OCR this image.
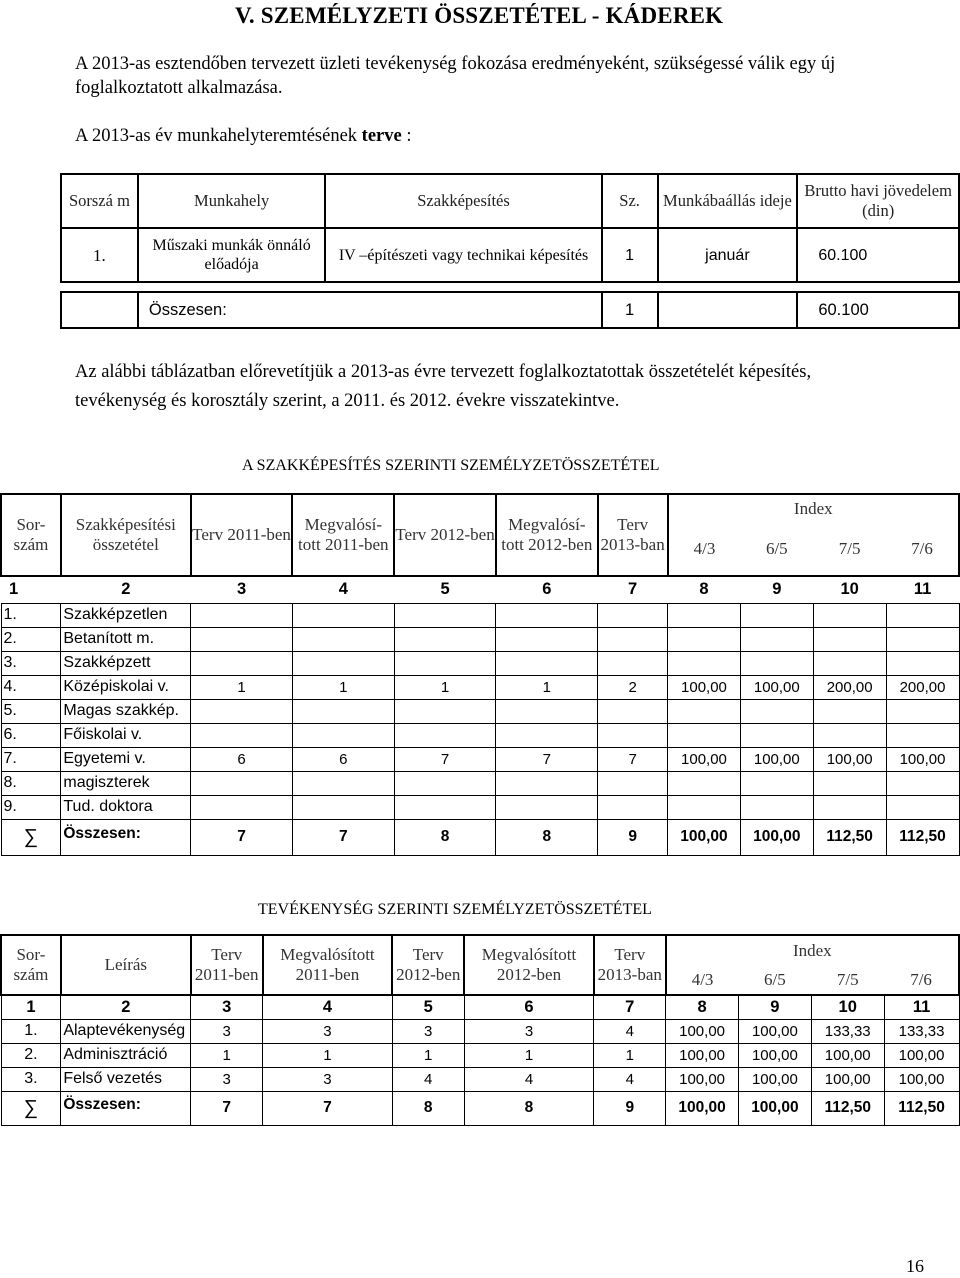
V. SZEMÉLYZETI ÖSSZETÉTEL - KÁDEREK
A 2013-as esztendőben tervezett üzleti tevékenység fokozása eredményeként, szükségessé válik egy új foglalkoztatott alkalmazása.
A 2013-as év munkahelyteremtésének terve :
Sorszá m	Munkahely	Szakképesítés	Sz.	Munkábaállás ideje	Brutto havi jövedelem (din)
1.	Műszaki munkák önnáló előadója	IV –építészeti vagy technikai képesítés	1	január	60.100

	Összesen:		1		60.100
Az alábbi táblázatban előrevetítjük a 2013-as évre tervezett foglalkoztatottak összetételét képesítés, tevékenység és korosztály szerint, a 2011. és 2012. évekre visszatekintve.
A SZAKKÉPESÍTÉS SZERINTI SZEMÉLYZETÖSSZETÉTEL
Sor-szám	Szakképesítési összetétel	Terv 2011-ben	Megvalósí-tott 2011-ben	Terv 2012-ben	Megvalósí-tott 2012-ben	Terv 2013-ban	Index			
							4/3	6/5	7/5	7/6
1	2	3	4	5	6	7	8	9	10	11
1.	Szakképzetlen									
2.	Betanított m.									
3.	Szakképzett									
4.	Középiskolai v.	1	1	1	1	2	100,00	100,00	200,00	200,00
5.	Magas szakkép.									
6.	Főiskolai v.									
7.	Egyetemi v.	6	6	7	7	7	100,00	100,00	100,00	100,00
8.	magiszterek									
9.	Tud. doktora									
∑	Összesen:	7	7	8	8	9	100,00	100,00	112,50	112,50
TEVÉKENYSÉG SZERINTI SZEMÉLYZETÖSSZETÉTEL
Sor-szám	Leírás	Terv 2011-ben	Megvalósított 2011-ben	Terv 2012-ben	Megvalósított 2012-ben	Terv 2013-ban	Index			
							4/3	6/5	7/5	7/6
1	2	3	4	5	6	7	8	9	10	11
1.	Alaptevékenység	3	3	3	3	4	100,00	100,00	133,33	133,33
2.	Adminisztráció	1	1	1	1	1	100,00	100,00	100,00	100,00
3.	Felső vezetés	3	3	4	4	4	100,00	100,00	100,00	100,00
∑	Összesen:	7	7	8	8	9	100,00	100,00	112,50	112,50
16
